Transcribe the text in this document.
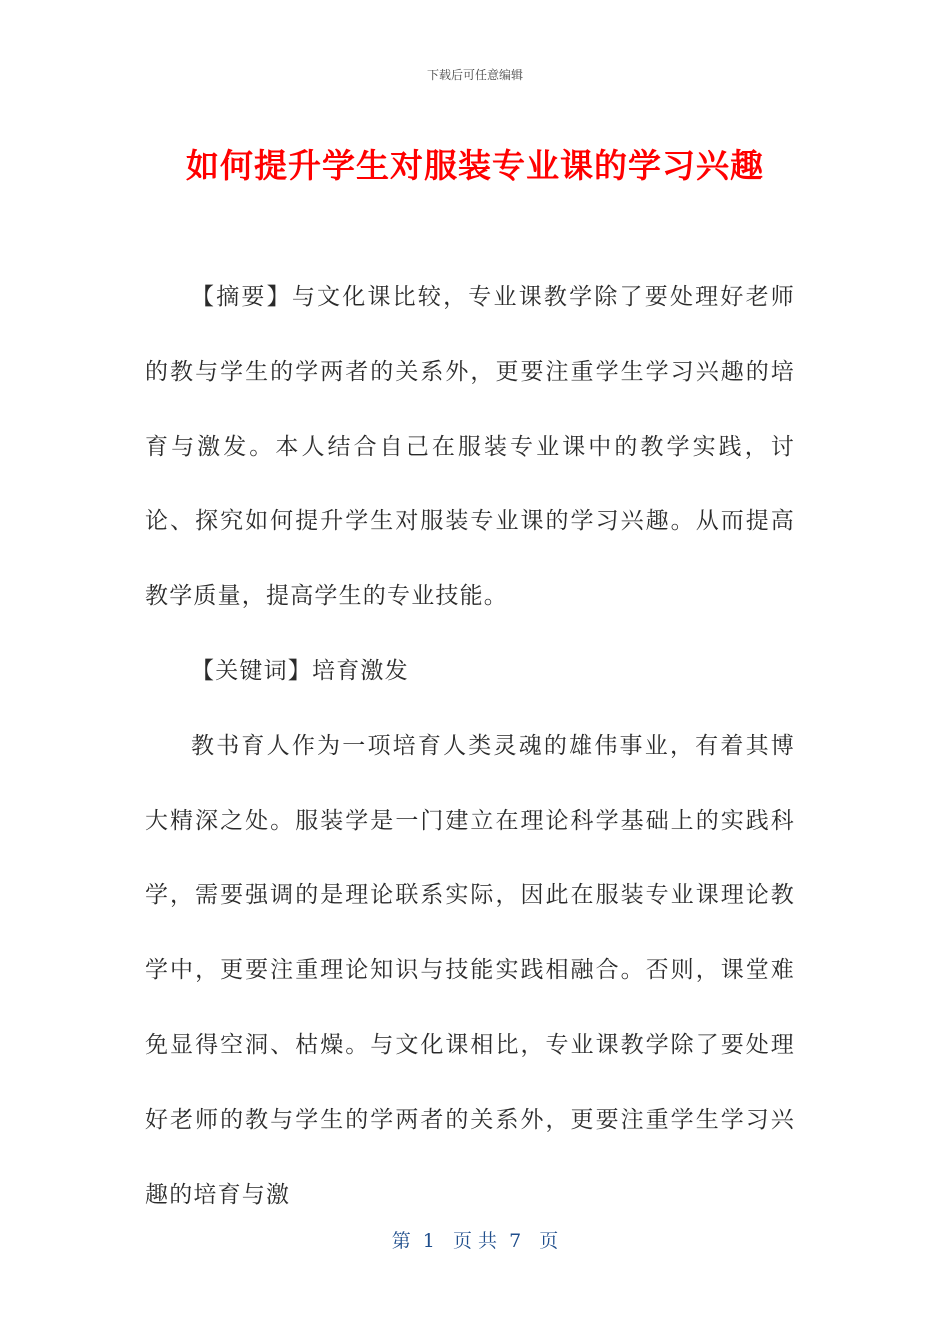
下载后可任意编辑
如何提升学生对服装专业课的学习兴趣

【摘要】与文化课比较，专业课教学除了要处理好老师的教与学生的学两者的关系外，更要注重学生学习兴趣的培育与激发。本人结合自己在服装专业课中的教学实践，讨论、探究如何提升学生对服装专业课的学习兴趣。从而提高教学质量，提高学生的专业技能。

【关键词】培育激发

教书育人作为一项培育人类灵魂的雄伟事业，有着其博大精深之处。服装学是一门建立在理论科学基础上的实践科学，需要强调的是理论联系实际，因此在服装专业课理论教学中，更要注重理论知识与技能实践相融合。否则，课堂难免显得空洞、枯燥。与文化课相比，专业课教学除了要处理好老师的教与学生的学两者的关系外，更要注重学生学习兴趣的培育与激

第  1   页 共  7   页
